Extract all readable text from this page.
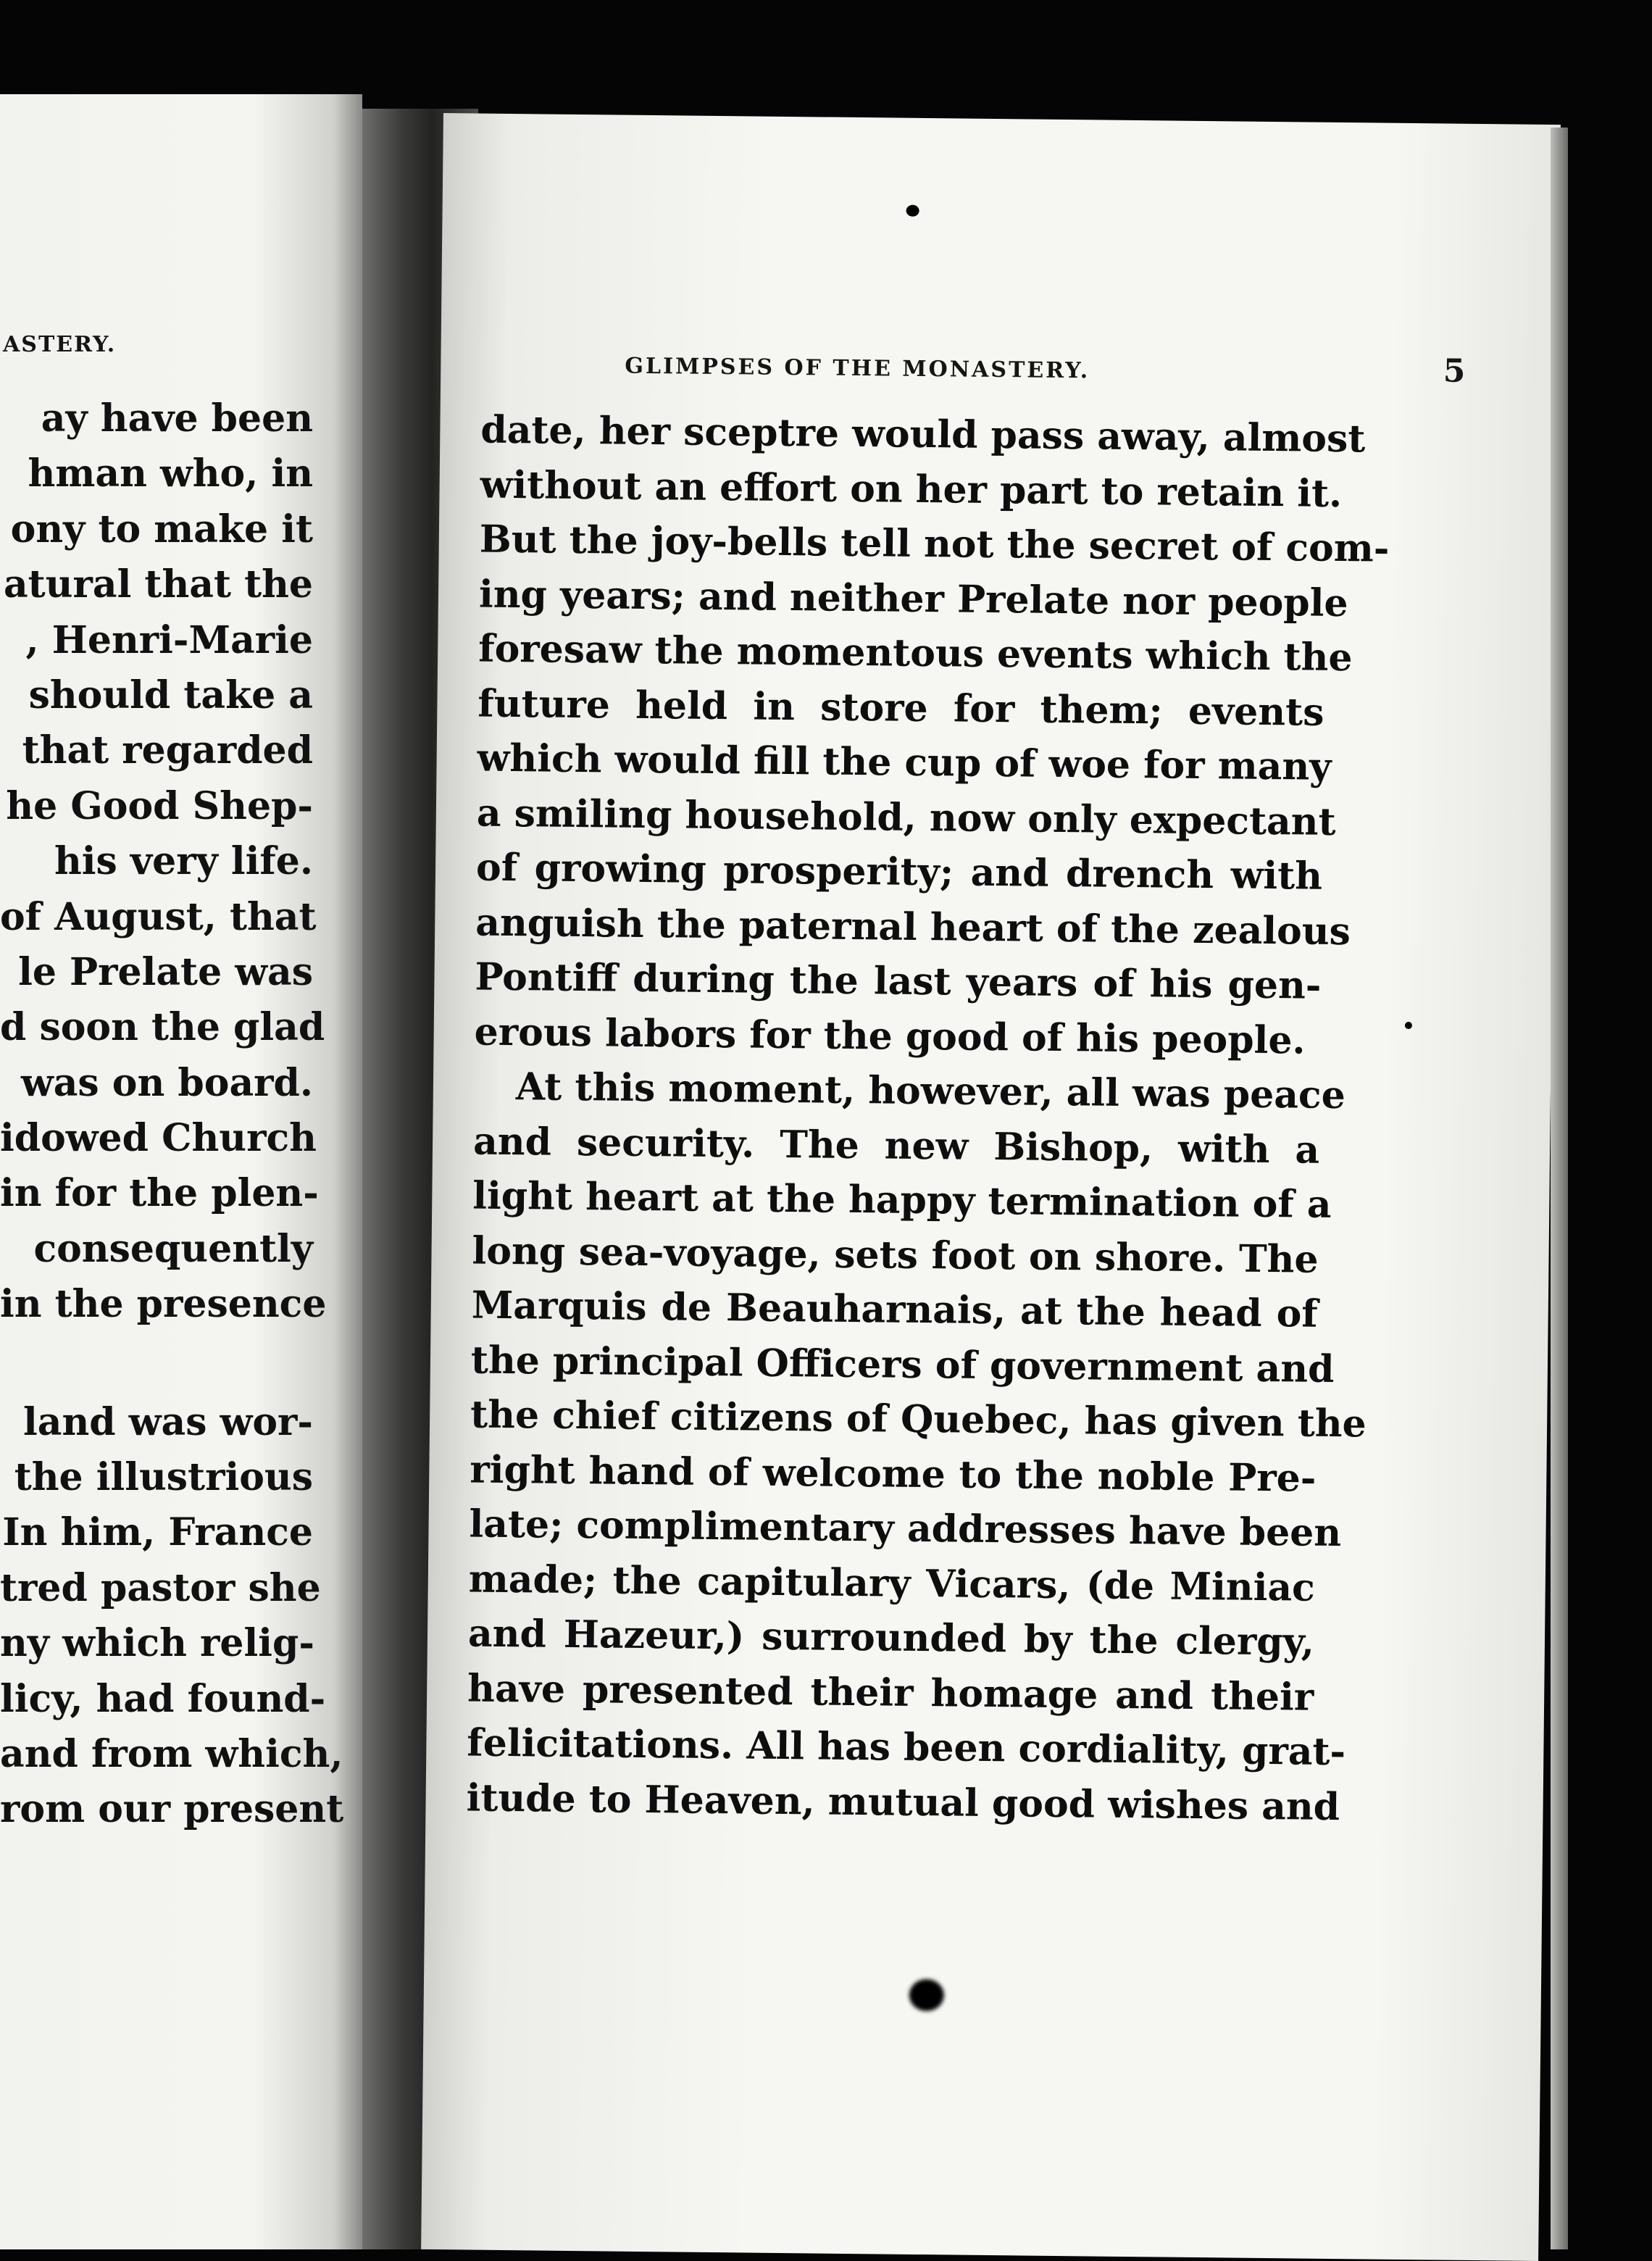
ASTERY.
ay have been
hman who, in
ony to make it
atural that the
, Henri-Marie
should take a
that regarded
he Good Shep-
his very life.
of August, that
le Prelate was
d soon the glad
was on board.
idowed Church
in for the plen-
consequently
in the presence
land was wor-
the illustrious
In him, France
tred pastor she
ny which relig-
licy, had found-
and from which,
rom our present
GLIMPSES OF THE MONASTERY.	5
date, her sceptre would pass away, almost
without an effort on her part to retain it.
But the joy-bells tell not the secret of com-
ing years; and neither Prelate nor people
foresaw the momentous events which the
future held in store for them; events
which would fill the cup of woe for many
a smiling household, now only expectant
of growing prosperity; and drench with
anguish the paternal heart of the zealous
Pontiff during the last years of his gen-
erous labors for the good of his people.
At this moment, however, all was peace
and security. The new Bishop, with a
light heart at the happy termination of a
long sea-voyage, sets foot on shore. The
Marquis de Beauharnais, at the head of
the principal Officers of government and
the chief citizens of Quebec, has given the
right hand of welcome to the noble Pre-
late; complimentary addresses have been
made; the capitulary Vicars, (de Miniac
and Hazeur,) surrounded by the clergy,
have presented their homage and their
felicitations. All has been cordiality, grat-
itude to Heaven, mutual good wishes and
